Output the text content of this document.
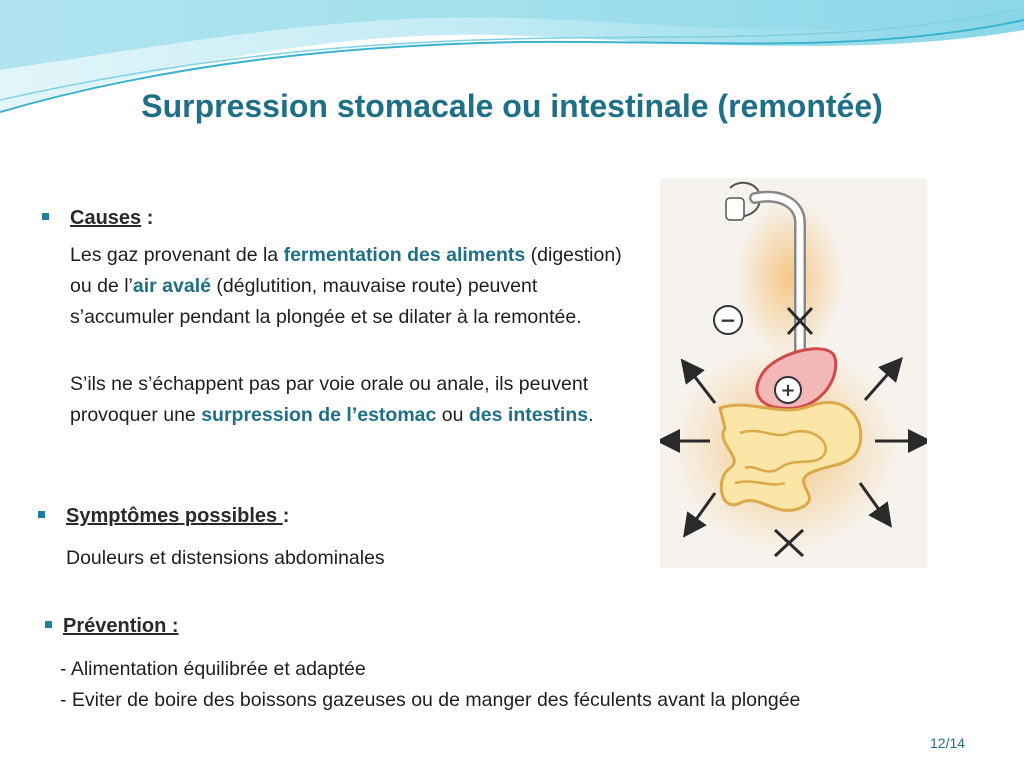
Surpression stomacale ou intestinale (remontée)
Causes :
Les gaz provenant de la fermentation des aliments (digestion) ou de l’air avalé (déglutition, mauvaise route) peuvent s’accumuler pendant la plongée et se dilater à la remontée.
S’ils ne s’échappent pas par voie orale ou anale, ils peuvent provoquer une surpression de l’estomac ou des intestins.
Symptômes possibles :
Douleurs et distensions abdominales
Prévention :
- Alimentation équilibrée et adaptée
- Eviter de boire des boissons gazeuses ou de manger des féculents avant la plongée
+
−
12/14
